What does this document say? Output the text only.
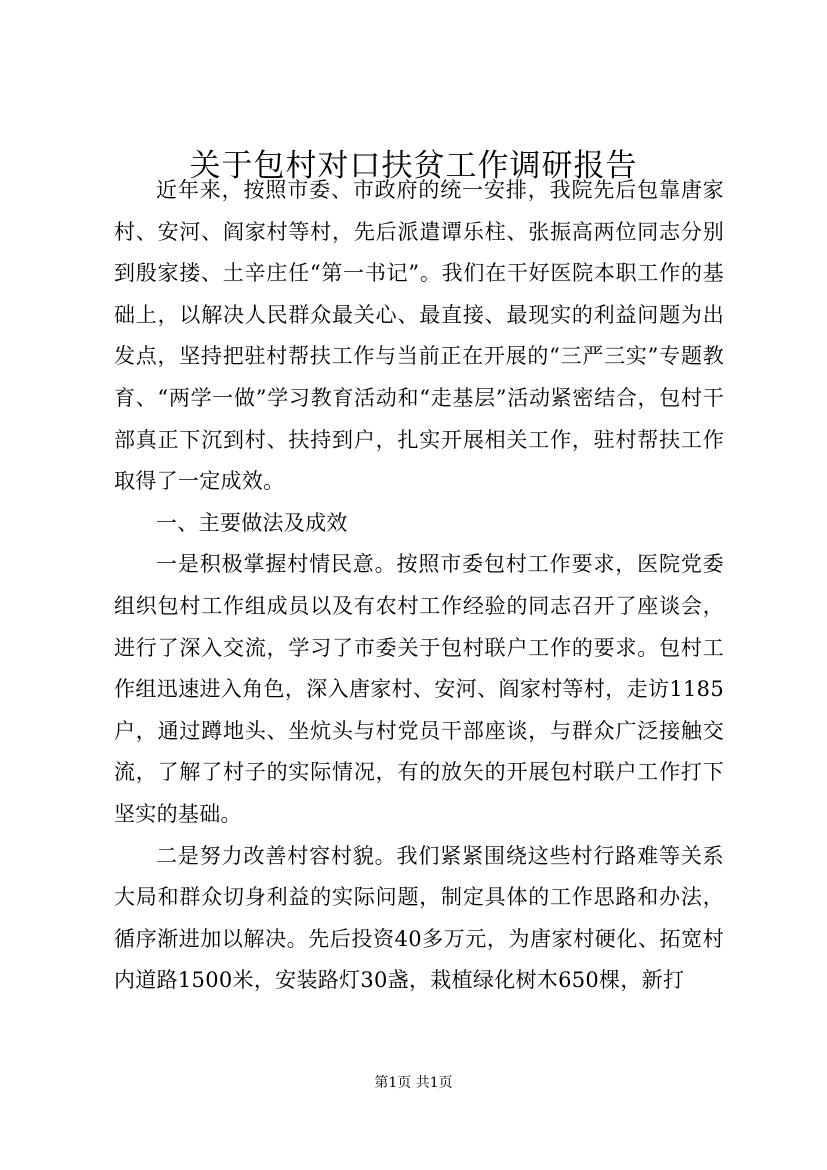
关于包村对口扶贫工作调研报告

近年来，按照市委、市政府的统一安排，我院先后包靠唐家村、安河、阎家村等村，先后派遣谭乐柱、张振高两位同志分别到殷家搂、土辛庄任“第一书记”。我们在干好医院本职工作的基础上，以解决人民群众最关心、最直接、最现实的利益问题为出发点，坚持把驻村帮扶工作与当前正在开展的“三严三实”专题教育、“两学一做”学习教育活动和“走基层”活动紧密结合，包村干部真正下沉到村、扶持到户，扎实开展相关工作，驻村帮扶工作取得了一定成效。

一、主要做法及成效

一是积极掌握村情民意。按照市委包村工作要求，医院党委组织包村工作组成员以及有农村工作经验的同志召开了座谈会，进行了深入交流，学习了市委关于包村联户工作的要求。包村工作组迅速进入角色，深入唐家村、安河、阎家村等村，走访1185户，通过蹲地头、坐炕头与村党员干部座谈，与群众广泛接触交流，了解了村子的实际情况，有的放矢的开展包村联户工作打下坚实的基础。

二是努力改善村容村貌。我们紧紧围绕这些村行路难等关系大局和群众切身利益的实际问题，制定具体的工作思路和办法，循序渐进加以解决。先后投资40多万元，为唐家村硬化、拓宽村内道路1500米，安装路灯30盏，栽植绿化树木650棵，新打

第1页 共1页
